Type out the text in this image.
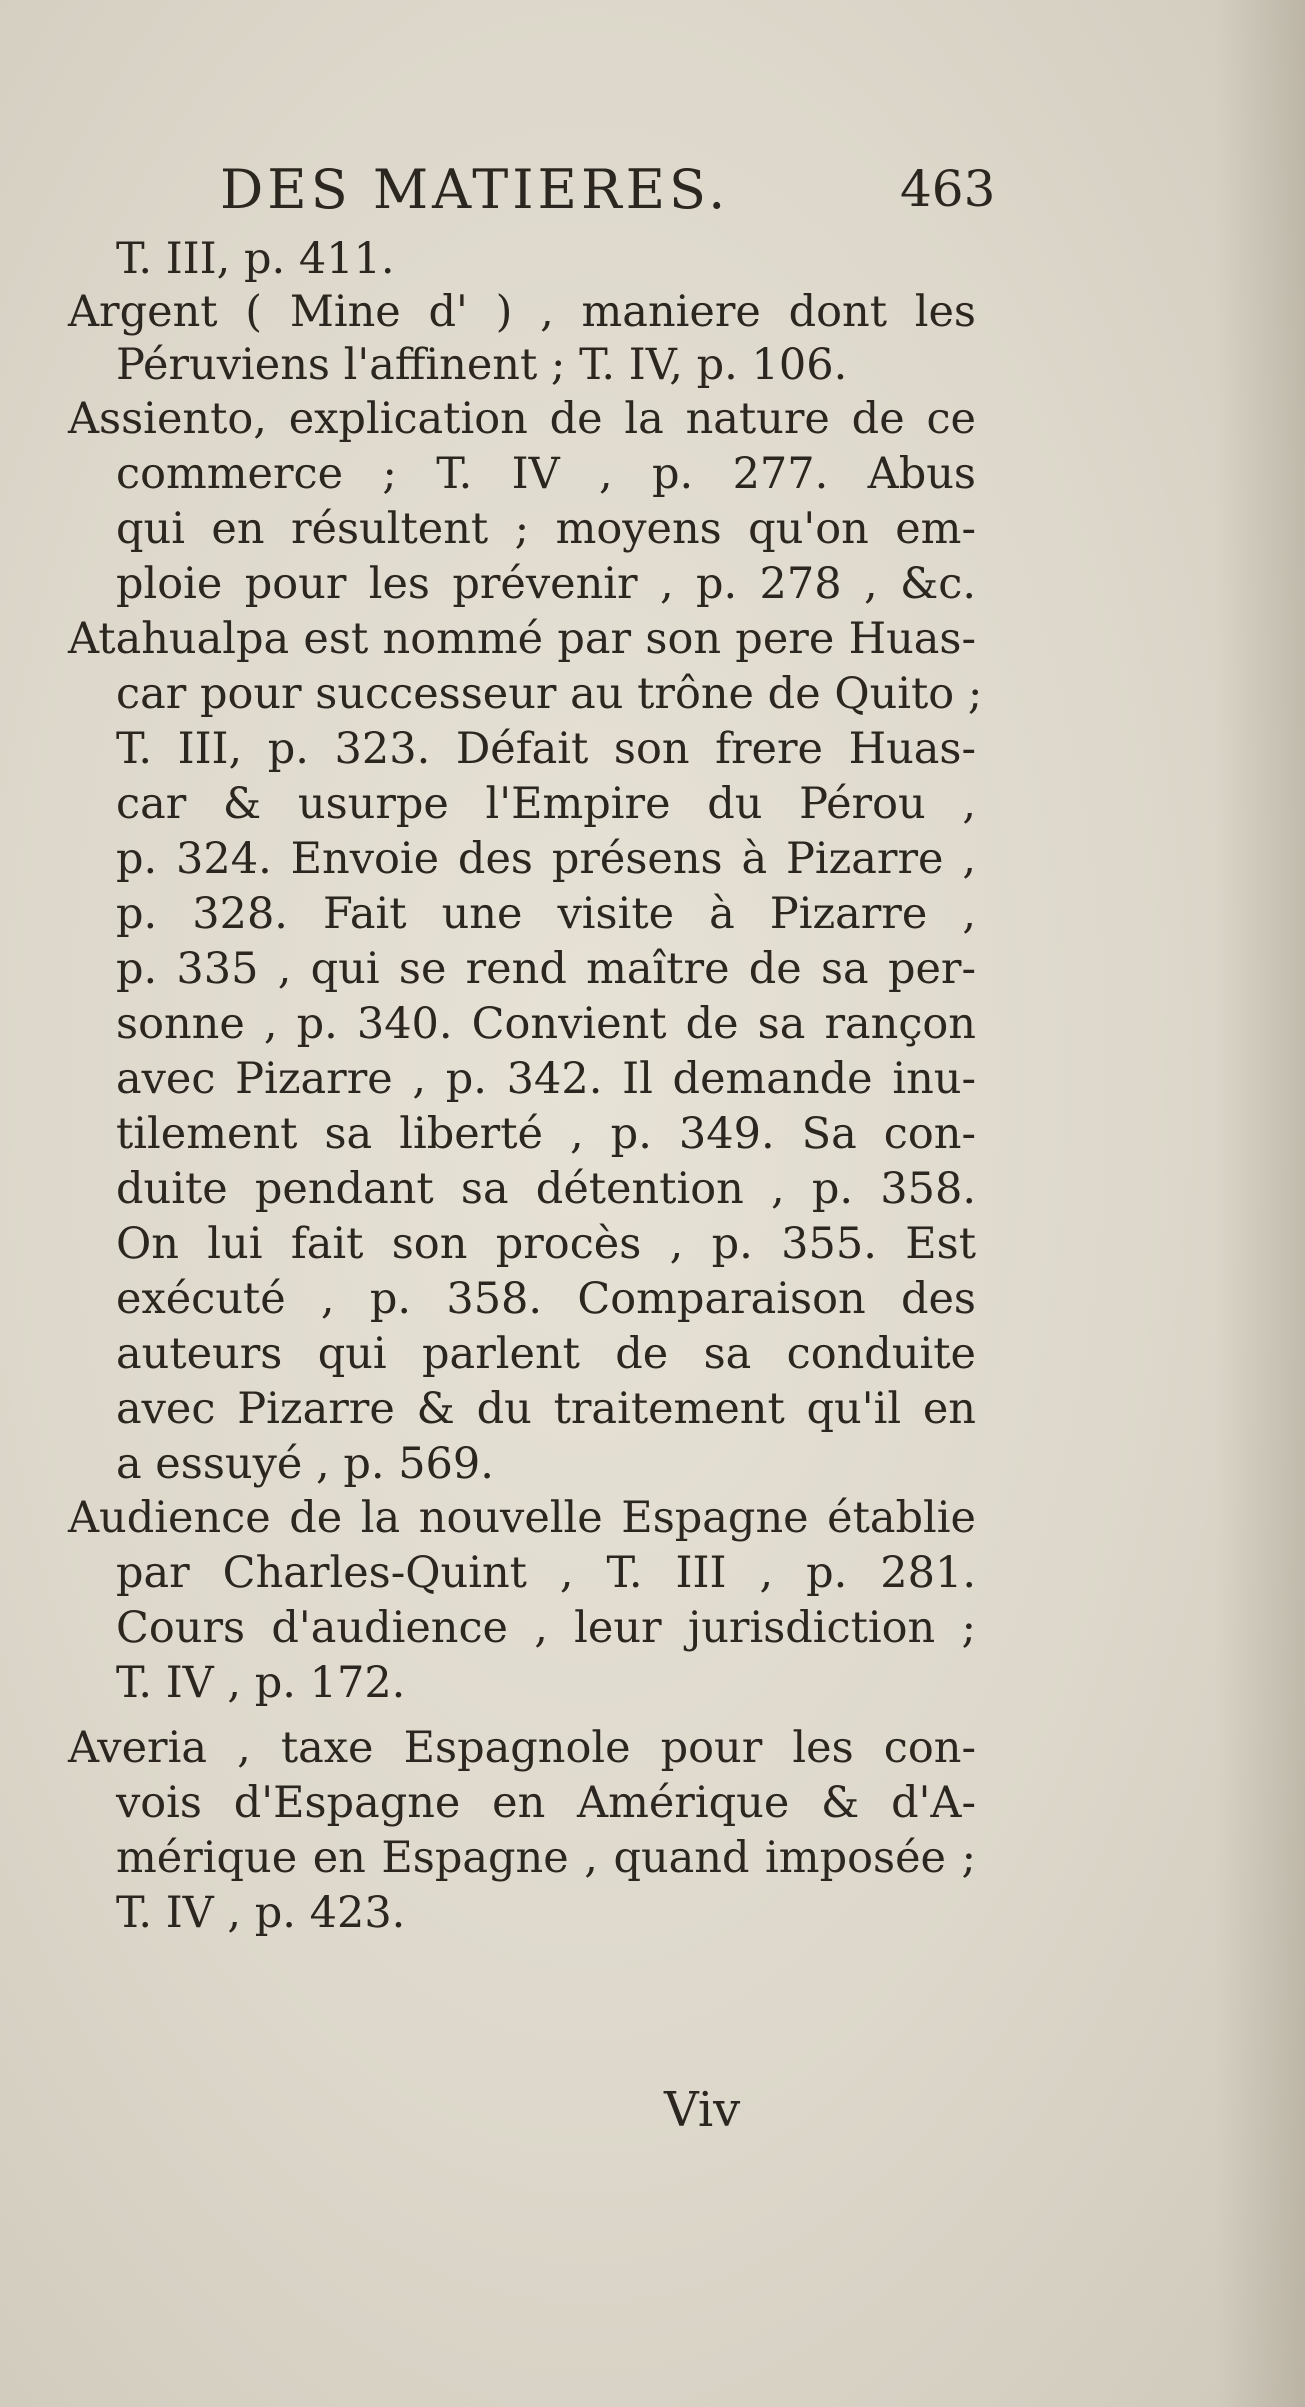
DES MATIERES.	463
T. III, p. 411.
Argent ( Mine d' ) , maniere dont les
Péruviens l'affinent ; T. IV, p. 106.
Assiento, explication de la nature de ce
commerce ; T. IV , p. 277. Abus
qui en résultent ; moyens qu'on em-
ploie pour les prévenir , p. 278 , &c.
Atahualpa est nommé par son pere Huas-
car pour successeur au trône de Quito ;
T. III, p. 323. Défait son frere Huas-
car & usurpe l'Empire du Pérou ,
p. 324. Envoie des présens à Pizarre ,
p. 328. Fait une visite à Pizarre ,
p. 335 , qui se rend maître de sa per-
sonne , p. 340. Convient de sa rançon
avec Pizarre , p. 342. Il demande inu-
tilement sa liberté , p. 349. Sa con-
duite pendant sa détention , p. 358.
On lui fait son procès , p. 355. Est
exécuté , p. 358. Comparaison des
auteurs qui parlent de sa conduite
avec Pizarre & du traitement qu'il en
a essuyé , p. 569.
Audience de la nouvelle Espagne établie
par Charles-Quint , T. III , p. 281.
Cours d'audience , leur jurisdiction ;
T. IV , p. 172.
Averia , taxe Espagnole pour les con-
vois d'Espagne en Amérique & d'A-
mérique en Espagne , quand imposée ;
T. IV , p. 423.
Viv
